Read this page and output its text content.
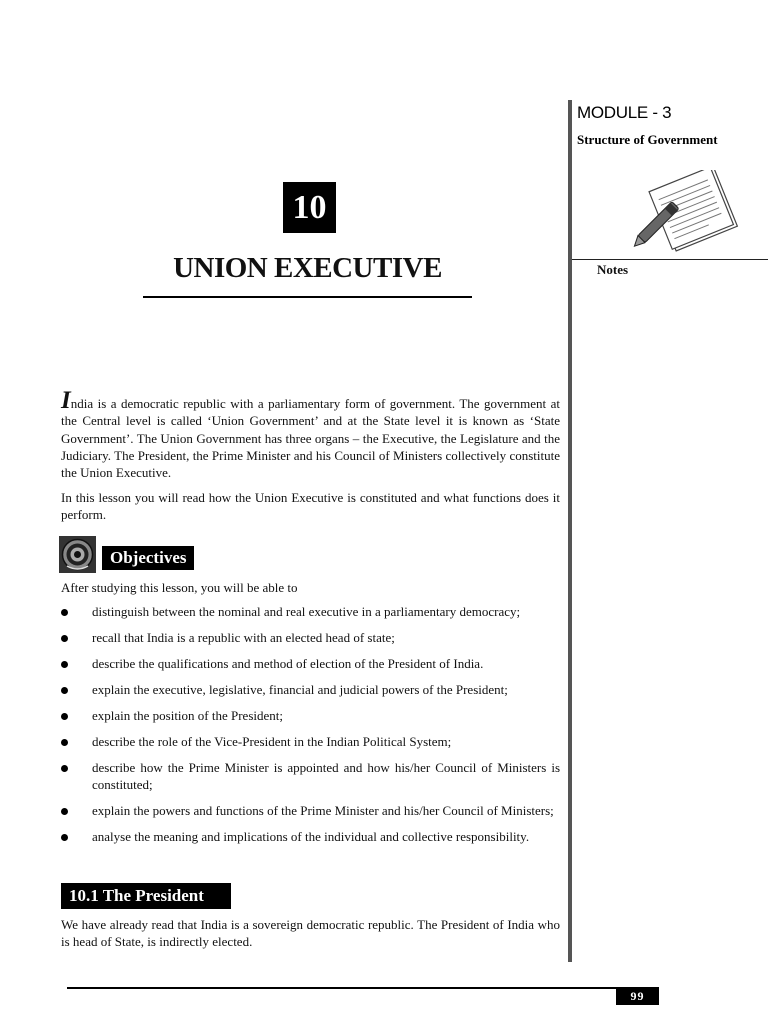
MODULE - 3
Structure of Government
Notes
10
UNION EXECUTIVE
India is a democratic republic with a parliamentary form of government. The government at the Central level is called ‘Union Government’ and at the State level it is known as ‘State Government’. The Union Government has three organs – the Executive, the Legislature and the Judiciary. The President, the Prime Minister and his Council of Ministers collectively constitute the Union Executive.
In this lesson you will read how the Union Executive is constituted and what functions does it perform.
Objectives
After studying this lesson, you will be able to
distinguish between the nominal and real executive in a parliamentary democracy;
recall that India is a republic with an elected head of state;
describe the qualifications and method of election of the President of India.
explain the executive, legislative, financial and judicial powers of the President;
explain the position of the President;
describe the role of the Vice-President in the Indian Political System;
describe how the Prime Minister is appointed and how his/her Council of Ministers is constituted;
explain the powers and functions of the Prime Minister and his/her Council of Ministers;
analyse the meaning and implications of the individual and collective responsibility.
10.1 The President
We have already read that India is a sovereign democratic republic. The President of India who is head of State, is indirectly elected.
99
